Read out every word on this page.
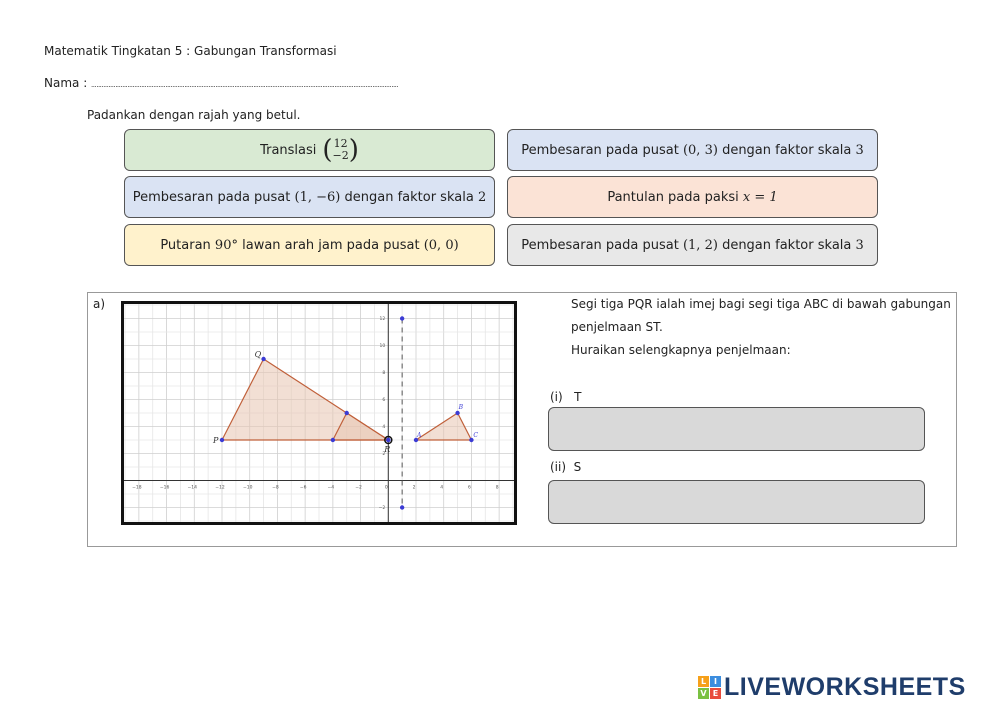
Matematik Tingkatan 5 : Gabungan Transformasi
Nama : ..................................................................................................................................................................................
Padankan dengan rajah yang betul.
Translasi ( 12
−2 )	Pembesaran pada pusat
(0, 3)
dengan faktor skala
3
Pembesaran pada pusat
(1, −6)
dengan faktor skala
2	Pantulan pada paksi
x = 1
Putaran
90°
lawan arah jam pada pusat
(0, 0)	Pembesaran pada pusat
(1, 2)
dengan faktor skala
3
a)
−18	−16	−14	−12	−10	−8	−6	−4	−2	0	2	4	6	8
−2
2
4
6
8
10
12
P
Q
R
A
B
C
Segi tiga PQR ialah imej bagi segi tiga ABC di bawah gabungan
penjelmaan ST.
Huraikan selengkapnya penjelmaan:
(i)   T
(ii)  S
L I
V E LIVEWORKSHEETS
